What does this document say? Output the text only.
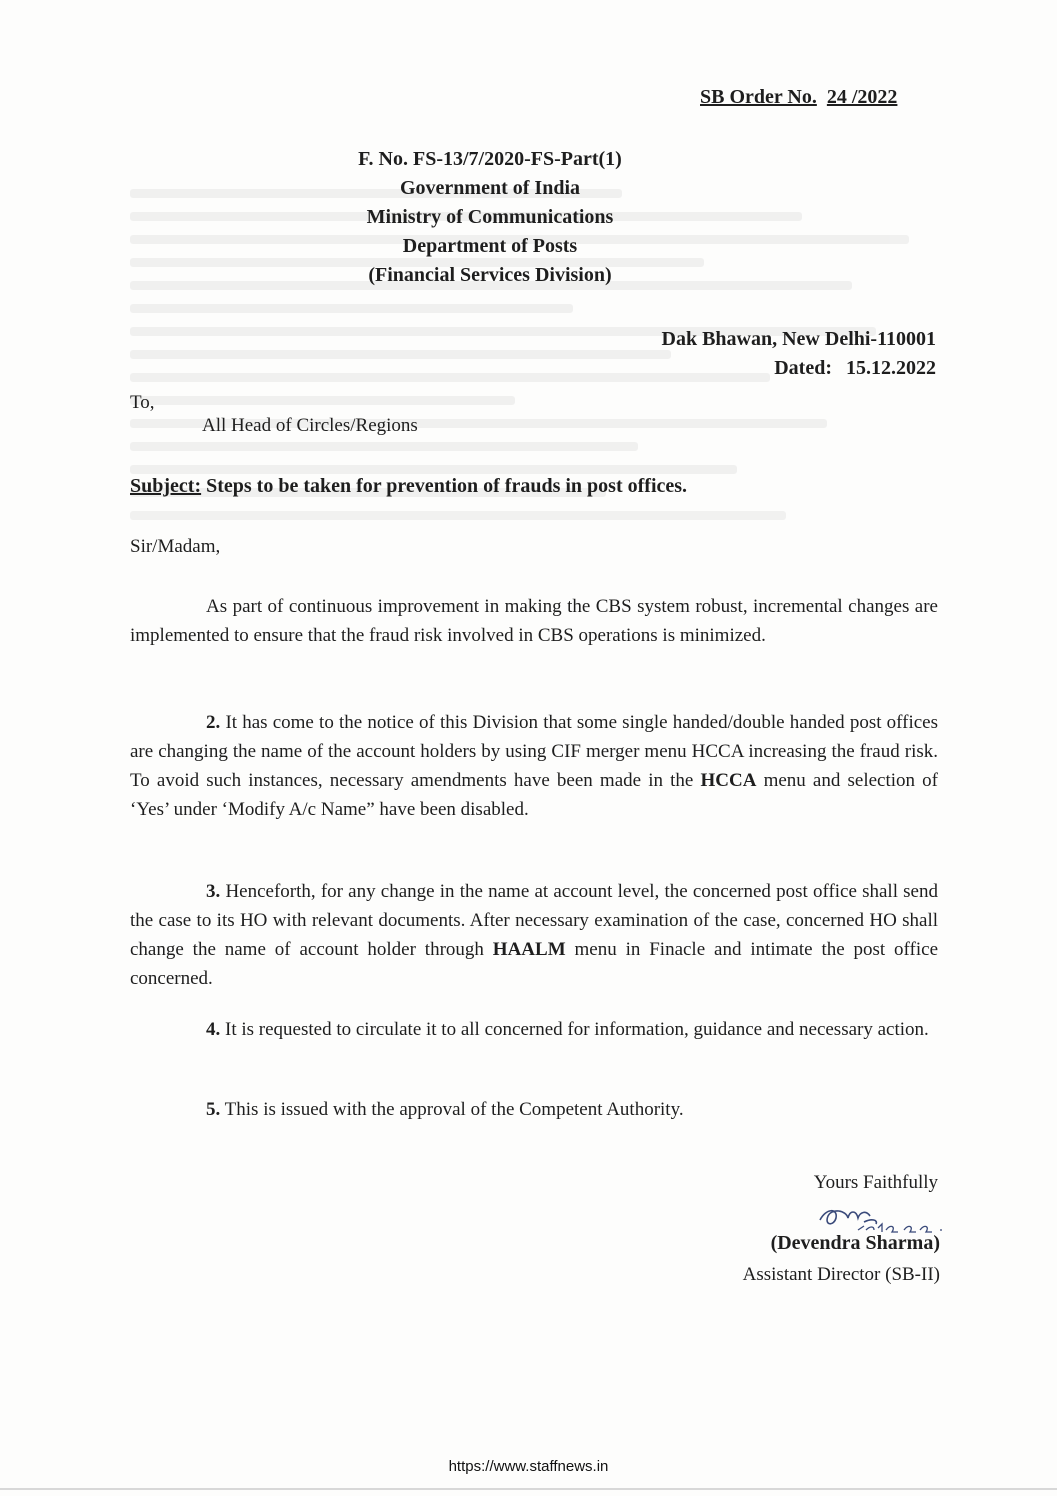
SB Order No. 24 /2022
F. No. FS-13/7/2020-FS-Part(1)
Government of India
Ministry of Communications
Department of Posts
(Financial Services Division)
Dak Bhawan, New Delhi-110001
Dated: 15.12.2022
To,
All Head of Circles/Regions
Subject: Steps to be taken for prevention of frauds in post offices.
Sir/Madam,

As part of continuous improvement in making the CBS system robust, incremental changes are implemented to ensure that the fraud risk involved in CBS operations is minimized.

2. It has come to the notice of this Division that some single handed/double handed post offices are changing the name of the account holders by using CIF merger menu HCCA increasing the fraud risk. To avoid such instances, necessary amendments have been made in the HCCA menu and selection of ‘Yes’ under ‘Modify A/c Name” have been disabled.

3. Henceforth, for any change in the name at account level, the concerned post office shall send the case to its HO with relevant documents. After necessary examination of the case, concerned HO shall change the name of account holder through HAALM menu in Finacle and intimate the post office concerned.

4. It is requested to circulate it to all concerned for information, guidance and necessary action.

5. This is issued with the approval of the Competent Authority.

Yours Faithfully
(Devendra Sharma)
Assistant Director (SB-II)
https://www.staffnews.in
